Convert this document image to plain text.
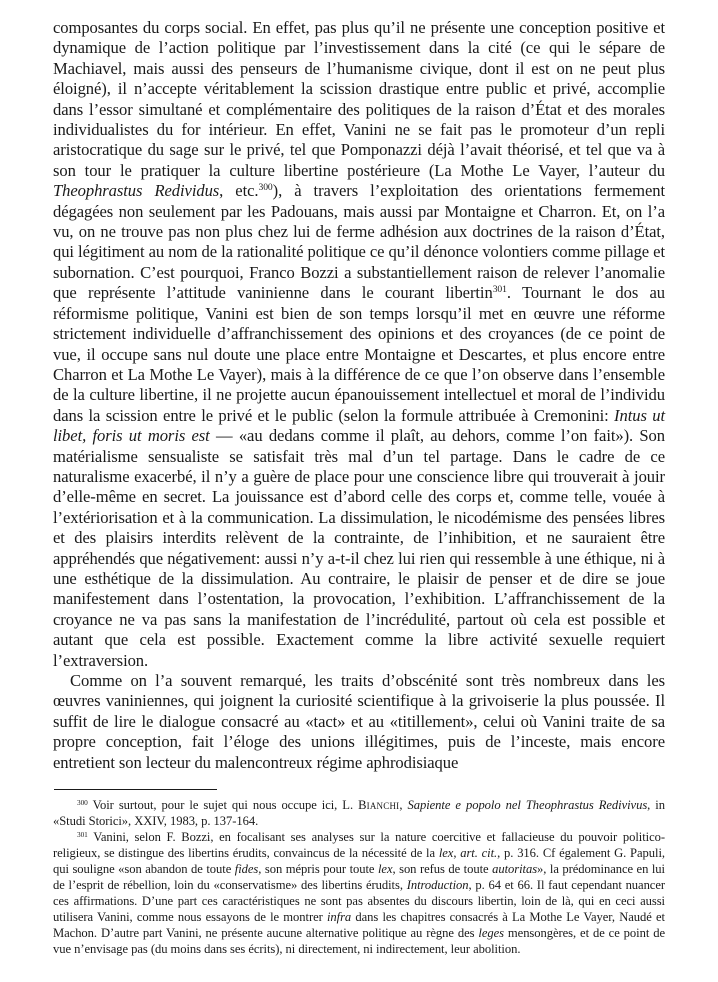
composantes du corps social. En effet, pas plus qu’il ne présente une conception positive et dynamique de l’action politique par l’investissement dans la cité (ce qui le sépare de Machiavel, mais aussi des penseurs de l’humanisme civique, dont il est on ne peut plus éloigné), il n’accepte véritablement la scission drastique entre public et privé, accomplie dans l’essor simultané et complémentaire des politiques de la raison d’État et des morales individualistes du for intérieur. En effet, Vanini ne se fait pas le promoteur d’un repli aristocratique du sage sur le privé, tel que Pomponazzi déjà l’avait théorisé, et tel que va à son tour le pratiquer la culture libertine postérieure (La Mothe Le Vayer, l’auteur du Theophrastus Redividus, etc.$^{300}$), à travers l’exploitation des orientations fermement dégagées non seulement par les Padouans, mais aussi par Montaigne et Charron. Et, on l’a vu, on ne trouve pas non plus chez lui de ferme adhésion aux doctrines de la raison d’État, qui légitiment au nom de la rationalité politique ce qu’il dénonce volontiers comme pillage et subornation. C’est pourquoi, Franco Bozzi a substantiellement raison de relever l’anomalie que représente l’attitude vaninienne dans le courant libertin$^{301}$. Tournant le dos au réformisme politique, Vanini est bien de son temps lorsqu’il met en œuvre une réforme strictement individuelle d’affranchissement des opinions et des croyances (de ce point de vue, il occupe sans nul doute une place entre Montaigne et Descartes, et plus encore entre Charron et La Mothe Le Vayer), mais à la différence de ce que l’on observe dans l’ensemble de la culture libertine, il ne projette aucun épanouissement intellectuel et moral de l’individu dans la scission entre le privé et le public (selon la formule attribuée à Cremonini: Intus ut libet, foris ut moris est — «au dedans comme il plaît, au dehors, comme l’on fait»). Son matérialisme sensualiste se satisfait très mal d’un tel partage. Dans le cadre de ce naturalisme exacerbé, il n’y a guère de place pour une conscience libre qui trouverait à jouir d’elle-même en secret. La jouissance est d’abord celle des corps et, comme telle, vouée à l’extériorisation et à la communication. La dissimulation, le nicodémisme des pensées libres et des plaisirs interdits relèvent de la contrainte, de l’inhibition, et ne sauraient être appréhendés que négativement: aussi n’y a-t-il chez lui rien qui ressemble à une éthique, ni à une esthétique de la dissimulation. Au contraire, le plaisir de penser et de dire se joue manifestement dans l’ostentation, la provocation, l’exhibition. L’affranchissement de la croyance ne va pas sans la manifestation de l’incrédulité, partout où cela est possible et autant que cela est possible. Exactement comme la libre activité sexuelle requiert l’extraversion.

Comme on l’a souvent remarqué, les traits d’obscénité sont très nombreux dans les œuvres vaniniennes, qui joignent la curiosité scientifique à la grivoiserie la plus poussée. Il suffit de lire le dialogue consacré au «tact» et au «titillement», celui où Vanini traite de sa propre conception, fait l’éloge des unions illégitimes, puis de l’inceste, mais encore entretient son lecteur du malencontreux régime aphrodisiaque

$^{300}$ Voir surtout, pour le sujet qui nous occupe ici, L. Bianchi, Sapiente e popolo nel Theophrastus Redivivus, in «Studi Storici», XXIV, 1983, p. 137-164.

$^{301}$ Vanini, selon F. Bozzi, en focalisant ses analyses sur la nature coercitive et fallacieuse du pouvoir politico-religieux, se distingue des libertins érudits, convaincus de la nécessité de la lex, art. cit., p. 316. Cf également G. Papuli, qui souligne «son abandon de toute fides, son mépris pour toute lex, son refus de toute autoritas», la prédominance en lui de l’esprit de rébellion, loin du «conservatisme» des libertins érudits, Introduction, p. 64 et 66. Il faut cependant nuancer ces affirmations. D’une part ces caractéristiques ne sont pas absentes du discours libertin, loin de là, qui en ceci aussi utilisera Vanini, comme nous essayons de le montrer infra dans les chapitres consacrés à La Mothe Le Vayer, Naudé et Machon. D’autre part Vanini, ne présente aucune alternative politique au règne des leges mensongères, et de ce point de vue n’envisage pas (du moins dans ses écrits), ni directement, ni indirectement, leur abolition.
